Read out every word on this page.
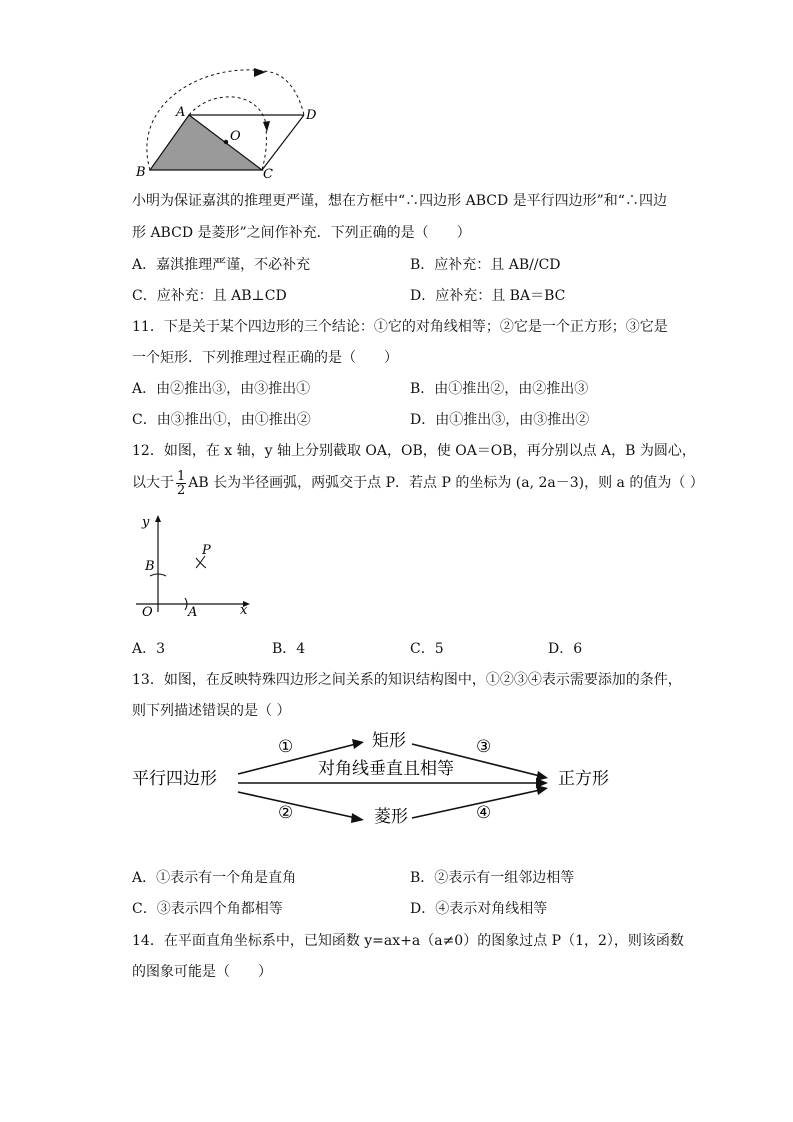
A
B	C
D
O
小明为保证嘉淇的推理更严谨，想在方框中“∴四边形 ABCD 是平行四边形”和“∴四边
形 ABCD 是菱形”之间作补充．下列正确的是（　　）
A．嘉淇推理严谨，不必补充	B．应补充：且 AB//CD
C．应补充：且 AB⊥CD	D．应补充：且 BA＝BC
11．下是关于某个四边形的三个结论：①它的对角线相等；②它是一个正方形；③它是
一个矩形．下列推理过程正确的是（　　）
A．由②推出③，由③推出①	B．由①推出②，由②推出③
C．由③推出①，由①推出②	D．由①推出③，由③推出②
12．如图，在 x 轴，y 轴上分别截取 OA，OB，使 OA＝OB，再分别以点 A，B 为圆心，
以大于 $\frac{1}{2}$ AB 长为半径画弧，两弧交于点 P．若点 P 的坐标为 (a, 2a－3)，则 a 的值为（ ）
y
x
O	A
B
P
A．3	B．4	C．5	D．6
13．如图，在反映特殊四边形之间关系的知识结构图中，①②③④表示需要添加的条件，
则下列描述错误的是（ ）
平行四边形
矩形
菱形
正方形
对角线垂直且相等
①
②
③
④
A．①表示有一个角是直角	B．②表示有一组邻边相等
C．③表示四个角都相等	D．④表示对角线相等
14．在平面直角坐标系中，已知函数 y=ax+a（a≠0）的图象过点 P（1，2），则该函数
的图象可能是（　　）
